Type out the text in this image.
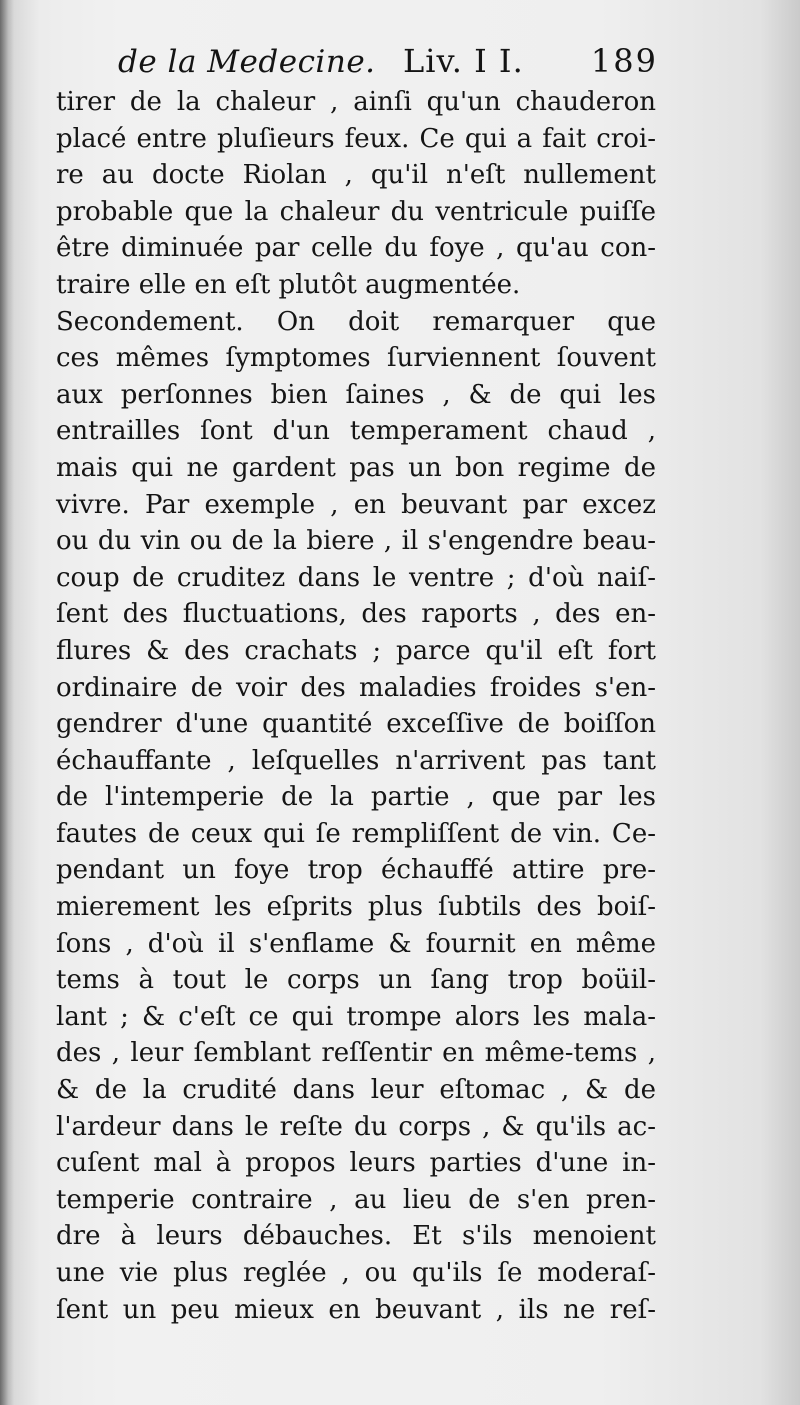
de la Medecine. Liv. I I. 189
tirer de la chaleur , ainſi qu'un chauderon
placé entre pluſieurs feux. Ce qui a fait croi-
re au docte Riolan , qu'il n'eſt nullement
probable que la chaleur du ventricule puiſſe
être diminuée par celle du foye , qu'au con-
traire elle en eſt plutôt augmentée.
Secondement. On doit remarquer que
ces mêmes ſymptomes ſurviennent ſouvent
aux perſonnes bien ſaines , & de qui les
entrailles ſont d'un temperament chaud ,
mais qui ne gardent pas un bon regime de
vivre. Par exemple , en beuvant par excez
ou du vin ou de la biere , il s'engendre beau-
coup de cruditez dans le ventre ; d'où naiſ-
ſent des fluctuations, des raports , des en-
flures & des crachats ; parce qu'il eſt fort
ordinaire de voir des maladies froides s'en-
gendrer d'une quantité exceſſive de boiſſon
échauffante , leſquelles n'arrivent pas tant
de l'intemperie de la partie , que par les
fautes de ceux qui ſe rempliſſent de vin. Ce-
pendant un foye trop échauffé attire pre-
mierement les eſprits plus ſubtils des boiſ-
ſons , d'où il s'enflame & fournit en même
tems à tout le corps un ſang trop boüil-
lant ; & c'eſt ce qui trompe alors les mala-
des , leur ſemblant reſſentir en même-tems ,
& de la crudité dans leur eſtomac , & de
l'ardeur dans le reſte du corps , & qu'ils ac-
cuſent mal à propos leurs parties d'une in-
temperie contraire , au lieu de s'en pren-
dre à leurs débauches. Et s'ils menoient
une vie plus reglée , ou qu'ils ſe moderaſ-
ſent un peu mieux en beuvant , ils ne reſ-
